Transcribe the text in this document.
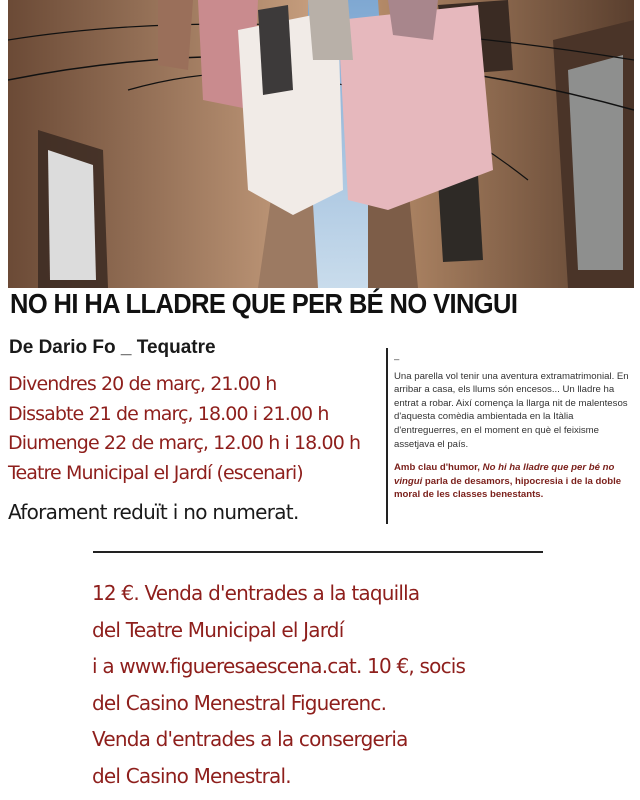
NO HI HA LLADRE QUE PER BÉ NO VINGUI
De Dario Fo _ Tequatre
Divendres 20 de març, 21.00 h
Dissabte 21 de març, 18.00 i 21.00 h
Diumenge 22 de març, 12.00 h i 18.00 h
Teatre Municipal el Jardí (escenari)
Aforament reduït i no numerat.
–

Una parella vol tenir una aventura extramatrimonial. En arribar a casa, els llums són encesos... Un lladre ha entrat a robar. Així comença la llarga nit de malentesos d'aquesta comèdia ambientada en la Itàlia d'entreguerres, en el moment en què el feixisme assetjava el país.

Amb clau d'humor, No hi ha lladre que per bé no vingui parla de desamors, hipocresia i de la doble moral de les classes benestants.

12 €. Venda d'entrades a la taquilla
del Teatre Municipal el Jardí
i a www.figueresaescena.cat. 10 €, socis
del Casino Menestral Figuerenc.
Venda d'entrades a la consergeria
del Casino Menestral.
